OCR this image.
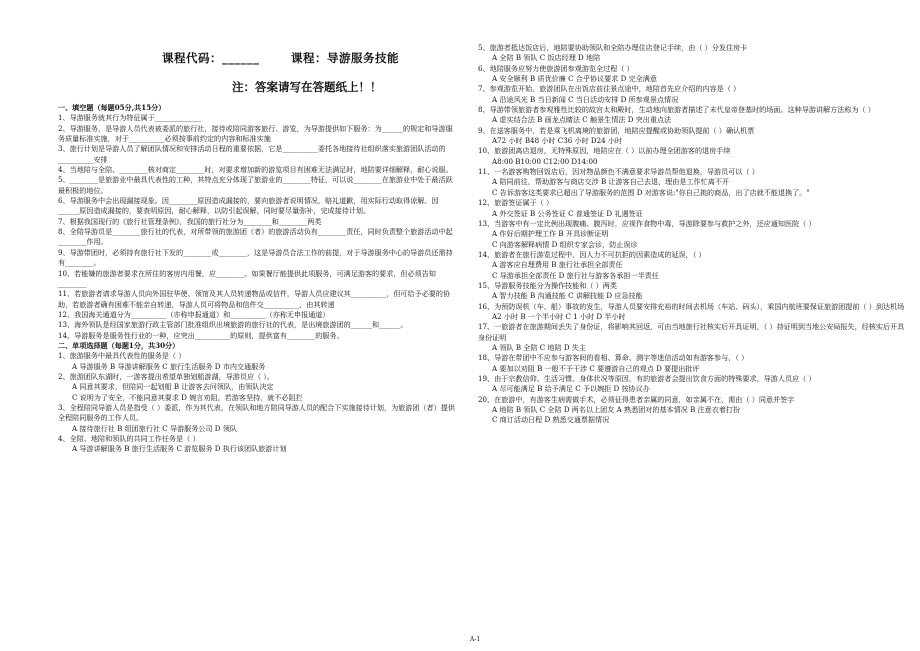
课程代码：______	课程：导游服务技能
注：答案请写在答题纸上！！
一、填空题（每题05分,共15分）
1、导游服务就其行为特征属于_____________
2、导游服务，是导游人员代表被委派的旅行社，接待或陪同游客旅行、游览，为导游提供如下服务：为______的规定和导游服务质量标准实施，对于__________必须按事前约定的内容和标准实施
3、旅行计划是导游人员了解团队情况和安排活动日程的重要依据，它是__________委托各地接待社组织落实旅游团队活动的__________安排
4、当地陪与全陪、________核对商定________时，对要求增加新的游览项目有困难无法满足时，地陪要详细解释，耐心说服。
5、________是旅游业中最具代表性的工种，其特点充分体现了旅游业的________特征，可以说________在旅游业中处于最活跃最积极的地位。
6、导游服务中会出现漏接现象。因________原因造成漏接的，要向旅游者说明情况，赔礼道歉，用实际行动取得谅解。因______原因造成漏接的，要查明原因，耐心解释，以防引起误解，同时要尽量弥补，完成接待计划。
7、根据我国现行的《旅行社管理条例》，我国的旅行社分为________和________两类
8、全陪导游员是________旅行社的代表，对所带领的旅游团（者）的旅游活动负有________责任，同时负责整个旅游活动中起________作用。
9、导游带团时，必须持有旅行社下发的________或________，这是导游员合法工作的前提，对于导游服务中心的导游员还需持有________。
10、若能嫌的旅游者要求在所住的客房内用餐，应________。如果餐厅能提供此项服务，可满足游客的要求，但必须告知________
11、若旅游者请求导游人员向外国驻华使、领馆及其人员转递物品或信件，导游人员应建议其__________，但可给予必要的协助，若旅游者确有困难不能亲自转递，导游人员可将物品和信件交__________，由其转递
12、我国海关通道分为__________（亦称申报通道）和__________（亦称无申报通道）
13、海外领队是经国家旅游行政主管部门批准组织出境旅游的旅行社的代表，是出境旅游团的______和______。
14、导游服务是服务性行业的一种，应突出__________的原则，提供富有________的服务。
二、单项选择题（每题1分，共30分）
1、旅游服务中最具代表性的服务是（ ）
A 导游服务 B 导游讲解服务 C 旅行生活服务 D 市内交通服务
2、旅游团队东湖时，一游客提出希望单独划船游湖，导游员应（ ）。
A 同意其要求，但陪同一起划船 B 让游客去问领队，由领队决定
C 说明为了安全，不能同意其要求 D 婉言劝阻，若游客坚持，就不必阻拦
3、全程陪同导游人员是指受（ ）委派，作为其代表，在领队和地方陪同导游人员的配合下实施接待计划，为旅游团（者）提供全程陪同服务的工作人员。
A 接待旅行社 B 组团旅行社 C 导游服务公司 D 领队
4、全陪、地陪和领队的共同工作任务是（ ）
A 导游讲解服务 B 旅行生活服务 C 游览服务 D 执行该团队旅游计划
5、旅游者抵达饭店后，地陪要协助领队和全陪办理住店登记手续，由（ ）分发住房卡
A 全陪 B 领队 C 饭店经理 D 地陪
6、地陪服务应努力使旅游团参观游览全过程（ ）
A 安全顺利 B 质优价廉 C 合乎协议要求 D 完全满意
7、参观游览开始，旅游团队在出饭店前往景点途中，地陪首先应介绍的内容是（ ）
A 沿途风光 B 当日新闻 C 当日活动安排 D 所参观景点情况
8、导游带领旅游者参观雅性比较的故宫太和殿时，生动地向旅游者描述了末代皇帝登基时的场面。这种导游讲解方法称为（ ）
A 虚实结合法 B 画龙点睛法 C 触景生情法 D 突出重点法
9、在送客服务中，若是乘飞机离境的旅游团，地陪应提醒或协助领队提前（ ）确认机票
A72 小时 B48 小时 C36 小时 D24 小时
10、旅游团离店退房，无特殊原因，地陪应在（ ）以前办理全团游客的退房手续
A8:00 B10:00 C12:00 D14:00
11、一名游客购物回饭店后，因对物品颜色不满意要求导游员帮他退换，导游员可以（ ）
A 陪同前往，帮助游客与商店交涉 B 让游客自己去退，理由是工作忙离不开
C 告诉游客这类要求已超出了导游服务的范围 D 对游客说:"你自己挑的商品，出了店就不能退换了。"
12、旅游签证属于（ ）
A 外交签证 B 公务签证 C 普通签证 D 礼遇签证
13、当游客中有一定比例出现腹痛、腹泻时，应视作食物中毒，导游除要参与救护之外，还应通知医院（ ）
A 作好后期护理工作 B 开具诊断证明
C 向游客解释病情 D 组织专家会诊，防止误诊
14、旅游者在旅行游览过程中，因人力不可抗拒的因素造成的延误，（ ）
A 游客应自理费用 B 旅行社承担全部责任
C 导游承担全部责任 D 旅行社与游客各承担一半责任
15、导游服务技能分为操作技能和（ ）两类
A 智力技能 B 沟通技能 C 讲解技能 D 应急技能
16、为预防误机（车、船）事故的发生，导游人员要安排充裕的时间去机场（车站、码头），乘国内航班要保证旅游团提前（ ）到达机场
A2 小时 B 一个半小时 C 1 小时 D 半小时
17、一旅游者在旅游期间丢失了身份证，将影响其回返，可由当地旅行社核实后开具证明，（ ）持证明到当地公安局报失，经核实后开具身份证明
A 领队 B 全陪 C 地陪 D 失主
18、导游在带团中不应参与游客间的看相、算命、测字等迷信活动如有游客参与，（ ）
A 要加以劝阻 B 一般不予干涉 C 要遵游自己的观点 D 要提出批评
19、由于宗教信仰、生活习惯、身体状况等原因，有的旅游者会提出饮食方面的特殊要求，导游人员应（ ）
A 尽可能满足 B 给予满足 C 予以婉拒 D 按协议办
20、在旅游中，有游客生病需做手术，必须征得患者亲属的同意，如亲属不在，需由（ ）同意并签字
A 地陪 B 领队 C 全陪 D 两名以上团友 A 熟悉团对的基本情况 B 注意衣着打扮
C 商订活动日程 D 熟悉交通票据情况
A-1
